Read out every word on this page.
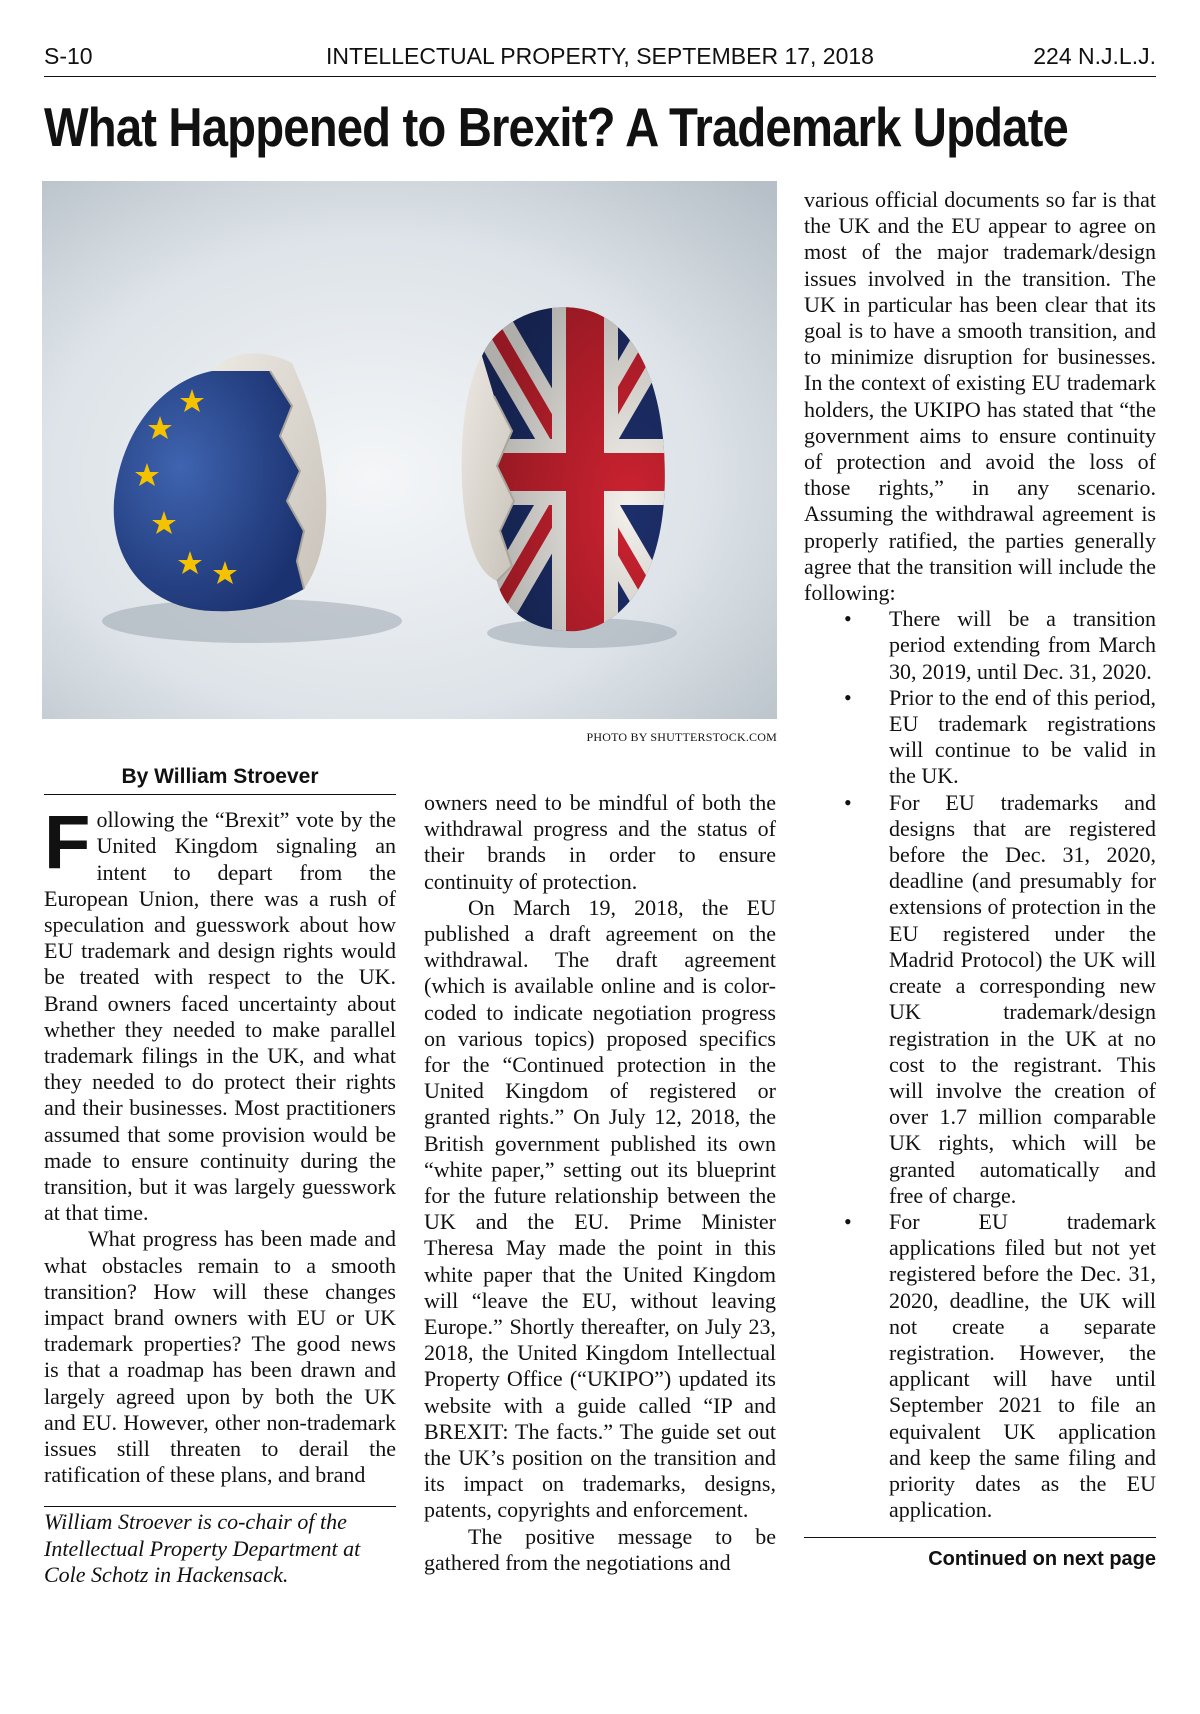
S-10	INTELLECTUAL PROPERTY, SEPTEMBER 17, 2018	224 N.J.L.J.
What Happened to Brexit? A Trademark Update
PHOTO BY SHUTTERSTOCK.COM
By William Stroever

Following the “Brexit” vote by the United Kingdom signaling an intent to depart from the European Union, there was a rush of speculation and guesswork about how EU trademark and design rights would be treated with respect to the UK. Brand owners faced uncertainty about whether they needed to make parallel trademark filings in the UK, and what they needed to do protect their rights and their businesses. Most practitioners assumed that some provision would be made to ensure continuity during the transition, but it was largely guesswork at that time.

What progress has been made and what obstacles remain to a smooth transition? How will these changes impact brand owners with EU or UK trademark properties? The good news is that a roadmap has been drawn and largely agreed upon by both the UK and EU. However, other non-trademark issues still threaten to derail the ratification of these plans, and brand

William Stroever is co-chair of the Intellectual Property Department at Cole Schotz in Hackensack.

owners need to be mindful of both the withdrawal progress and the status of their brands in order to ensure continuity of protection.

On March 19, 2018, the EU published a draft agreement on the withdrawal. The draft agreement (which is available online and is color-coded to indicate negotiation progress on various topics) proposed specifics for the “Continued protection in the United Kingdom of registered or granted rights.” On July 12, 2018, the British government published its own “white paper,” setting out its blueprint for the future relationship between the UK and the EU. Prime Minister Theresa May made the point in this white paper that the United Kingdom will “leave the EU, without leaving Europe.” Shortly thereafter, on July 23, 2018, the United Kingdom Intellectual Property Office (“UKIPO”) updated its website with a guide called “IP and BREXIT: The facts.” The guide set out the UK’s position on the transition and its impact on trademarks, designs, patents, copyrights and enforcement.

The positive message to be gathered from the negotiations and

various official documents so far is that the UK and the EU appear to agree on most of the major trademark/design issues involved in the transition. The UK in particular has been clear that its goal is to have a smooth transition, and to minimize disruption for businesses. In the context of existing EU trademark holders, the UKIPO has stated that “the government aims to ensure continuity of protection and avoid the loss of those rights,” in any scenario. Assuming the withdrawal agreement is properly ratified, the parties generally agree that the transition will include the following:

• There will be a transition period extending from March 30, 2019, until Dec. 31, 2020.
• Prior to the end of this period, EU trademark registrations will continue to be valid in the UK.
• For EU trademarks and designs that are registered before the Dec. 31, 2020, deadline (and presumably for extensions of protection in the EU registered under the Madrid Protocol) the UK will create a corresponding new UK trademark/design registration in the UK at no cost to the registrant. This will involve the creation of over 1.7 million comparable UK rights, which will be granted automatically and free of charge.
• For EU trademark applications filed but not yet registered before the Dec. 31, 2020, deadline, the UK will not create a separate registration. However, the applicant will have until September 2021 to file an equivalent UK application and keep the same filing and priority dates as the EU application.
Continued on next page
